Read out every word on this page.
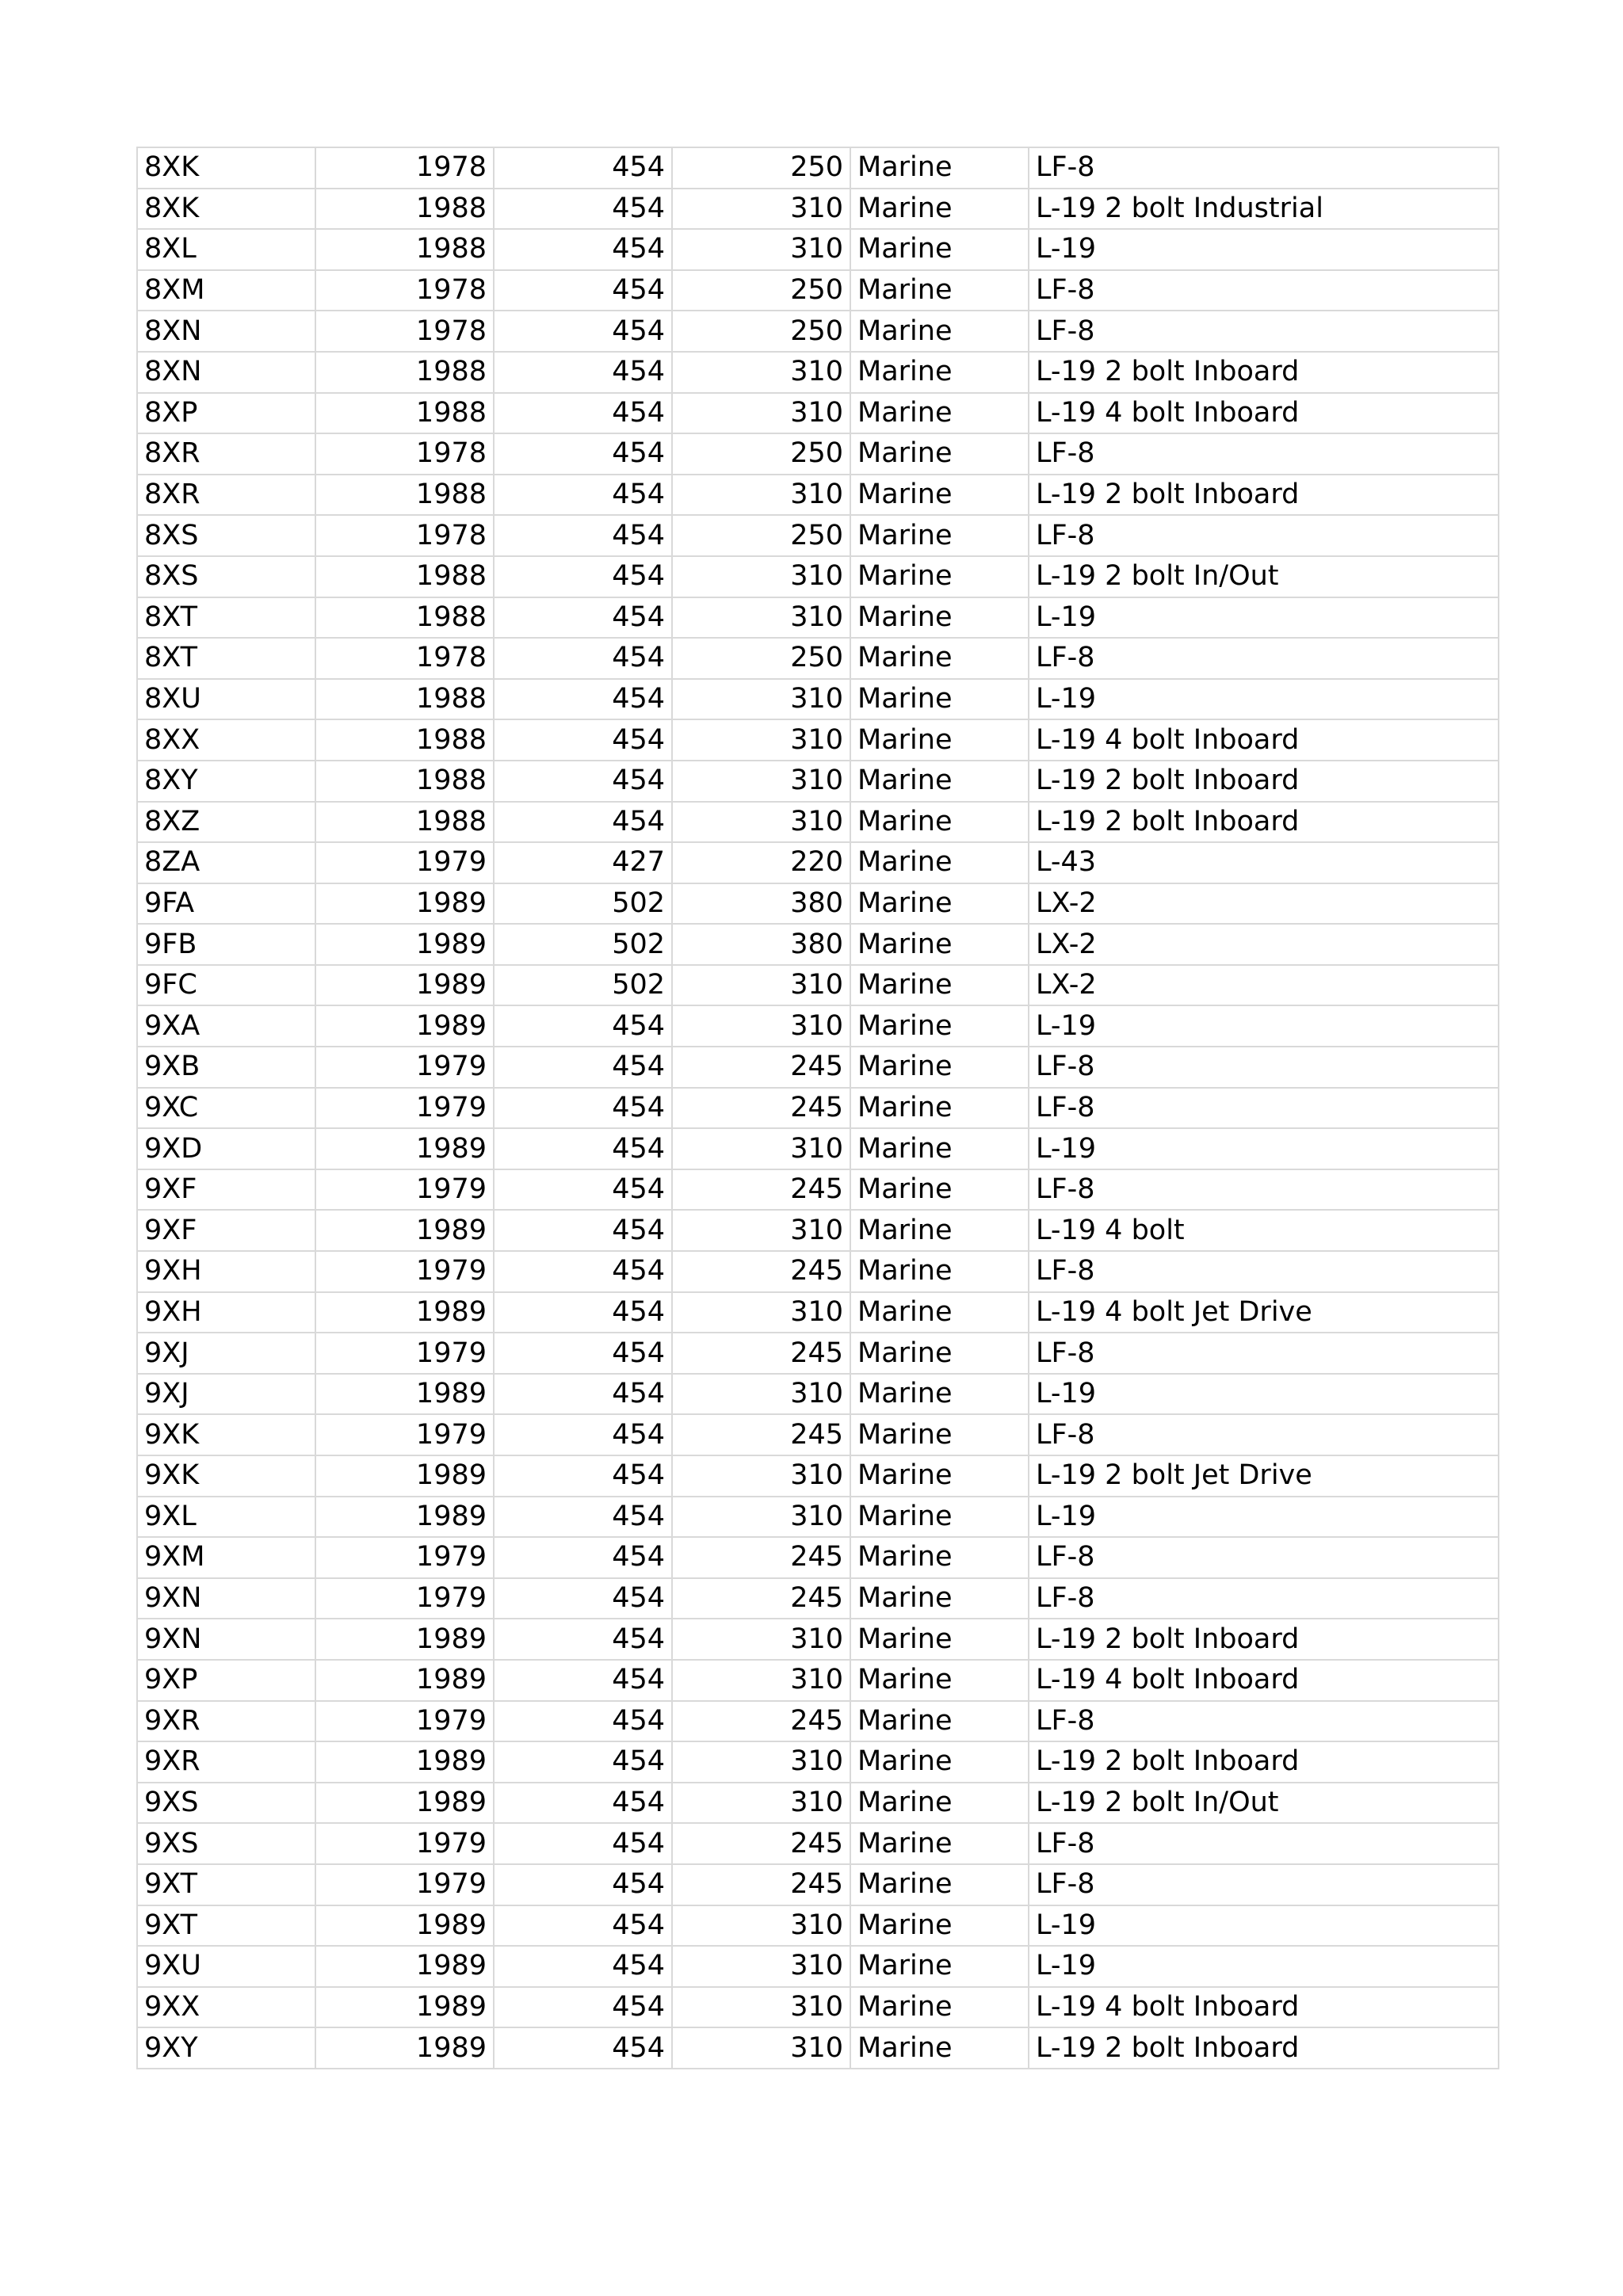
8XK	1978	454	250	Marine	LF-8
8XK	1988	454	310	Marine	L-19 2 bolt Industrial
8XL	1988	454	310	Marine	L-19
8XM	1978	454	250	Marine	LF-8
8XN	1978	454	250	Marine	LF-8
8XN	1988	454	310	Marine	L-19 2 bolt Inboard
8XP	1988	454	310	Marine	L-19 4 bolt Inboard
8XR	1978	454	250	Marine	LF-8
8XR	1988	454	310	Marine	L-19 2 bolt Inboard
8XS	1978	454	250	Marine	LF-8
8XS	1988	454	310	Marine	L-19 2 bolt In/Out
8XT	1988	454	310	Marine	L-19
8XT	1978	454	250	Marine	LF-8
8XU	1988	454	310	Marine	L-19
8XX	1988	454	310	Marine	L-19 4 bolt Inboard
8XY	1988	454	310	Marine	L-19 2 bolt Inboard
8XZ	1988	454	310	Marine	L-19 2 bolt Inboard
8ZA	1979	427	220	Marine	L-43
9FA	1989	502	380	Marine	LX-2
9FB	1989	502	380	Marine	LX-2
9FC	1989	502	310	Marine	LX-2
9XA	1989	454	310	Marine	L-19
9XB	1979	454	245	Marine	LF-8
9XC	1979	454	245	Marine	LF-8
9XD	1989	454	310	Marine	L-19
9XF	1979	454	245	Marine	LF-8
9XF	1989	454	310	Marine	L-19 4 bolt
9XH	1979	454	245	Marine	LF-8
9XH	1989	454	310	Marine	L-19 4 bolt Jet Drive
9XJ	1979	454	245	Marine	LF-8
9XJ	1989	454	310	Marine	L-19
9XK	1979	454	245	Marine	LF-8
9XK	1989	454	310	Marine	L-19 2 bolt Jet Drive
9XL	1989	454	310	Marine	L-19
9XM	1979	454	245	Marine	LF-8
9XN	1979	454	245	Marine	LF-8
9XN	1989	454	310	Marine	L-19 2 bolt Inboard
9XP	1989	454	310	Marine	L-19 4 bolt Inboard
9XR	1979	454	245	Marine	LF-8
9XR	1989	454	310	Marine	L-19 2 bolt Inboard
9XS	1989	454	310	Marine	L-19 2 bolt In/Out
9XS	1979	454	245	Marine	LF-8
9XT	1979	454	245	Marine	LF-8
9XT	1989	454	310	Marine	L-19
9XU	1989	454	310	Marine	L-19
9XX	1989	454	310	Marine	L-19 4 bolt Inboard
9XY	1989	454	310	Marine	L-19 2 bolt Inboard
